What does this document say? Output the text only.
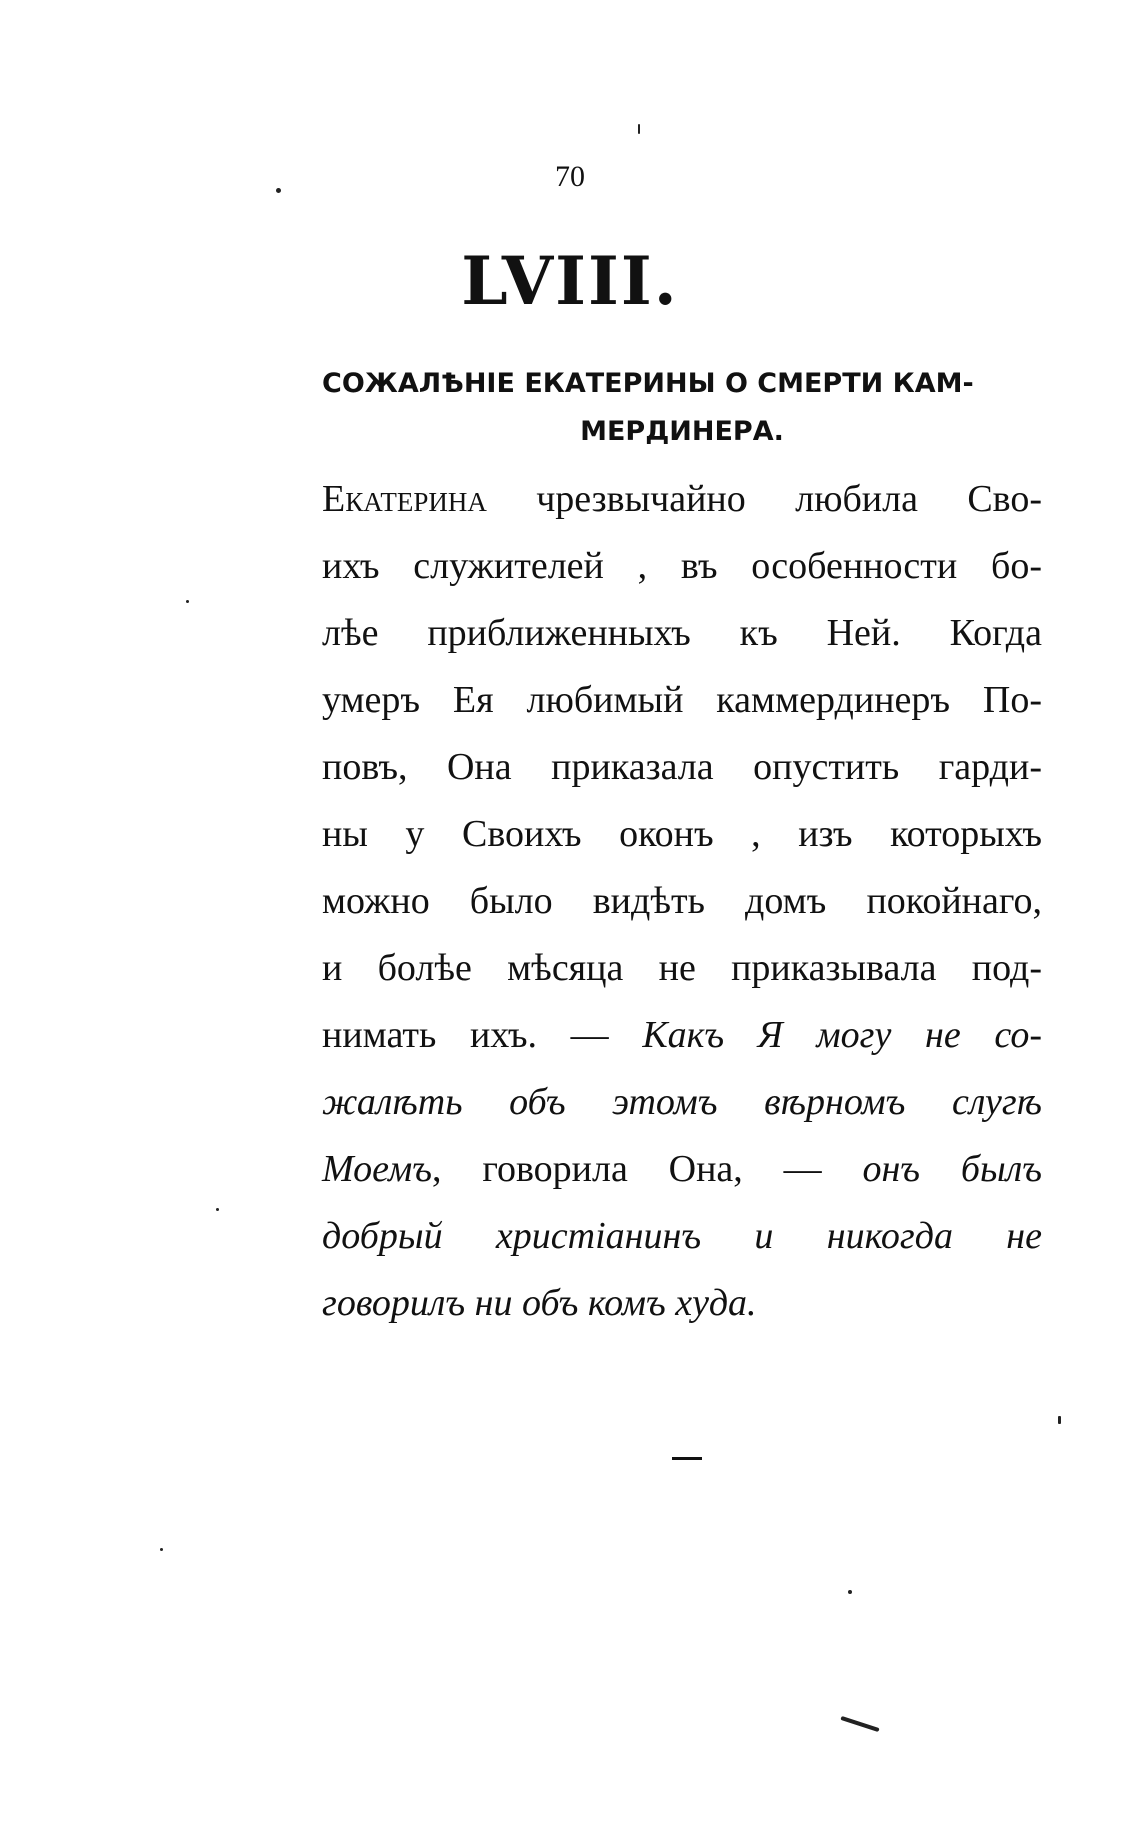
70
LVIII.
СОЖАЛѢНІЕ ЕКАТЕРИНЫ О СМЕРТИ КАМ-
МЕРДИНЕРА.
Екатерина чрезвычайно любила Сво-
ихъ служителей , въ особенности бо-
лѣе приближенныхъ къ Ней. Когда
умеръ Ея любимый каммердинеръ По-
повъ, Она приказала опустить гарди-
ны у Своихъ оконъ , изъ которыхъ
можно было видѣть домъ покойнаго,
и болѣе мѣсяца не приказывала под-
нимать ихъ. — Какъ Я могу не со-
жалѣть объ этомъ вѣрномъ слугѣ
Моемъ, говорила Она, — онъ былъ
добрый христіанинъ и никогда не
говорилъ ни объ комъ худа.
